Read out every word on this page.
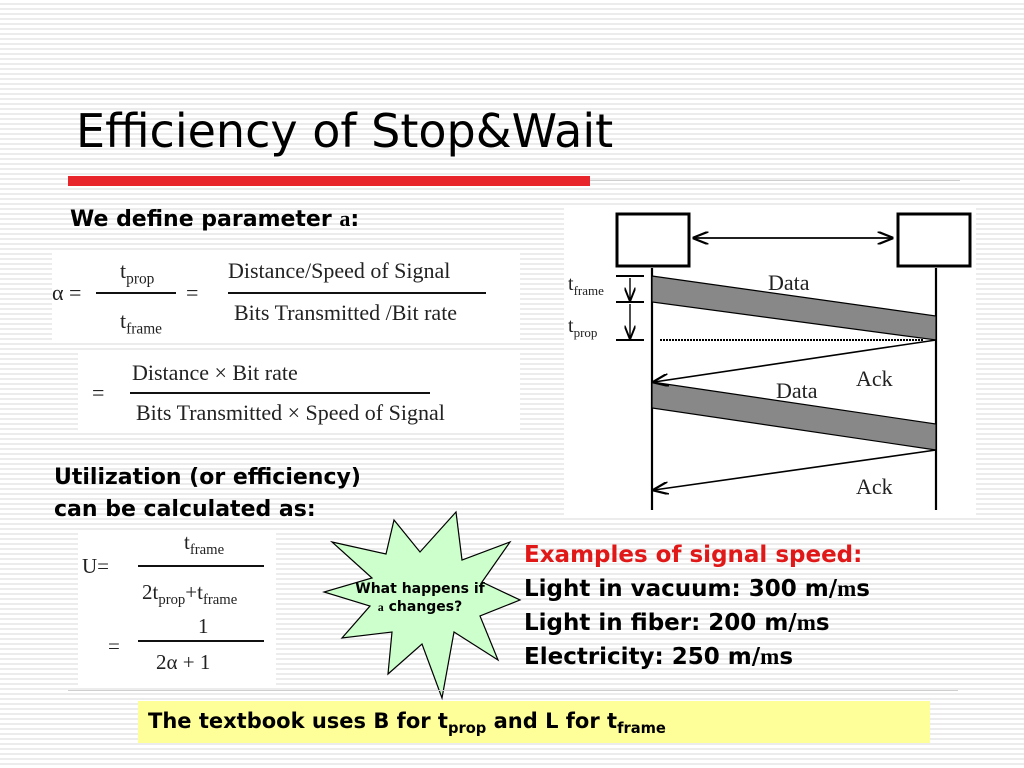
Efficiency of Stop&Wait
We define parameter a:
α =
$t_{prop}$
$t_{frame}$
=
Distance/Speed of Signal
Bits Transmitted /Bit rate
=
Distance × Bit rate
Bits Transmitted × Speed of Signal
Utilization (or efficiency)
can be calculated as:
U=
$t_{frame}$
$2t_{prop}+t_{frame}$
=
1
2α + 1
$t_{frame}$
$t_{prop}$
Data
Ack
Data
Ack
What happens if
a changes?
Examples of signal speed:
Light in vacuum: 300 m/ms
Light in fiber: 200 m/ms
Electricity: 250 m/ms
The textbook uses B for $t_{prop}$ and L for $t_{frame}$
